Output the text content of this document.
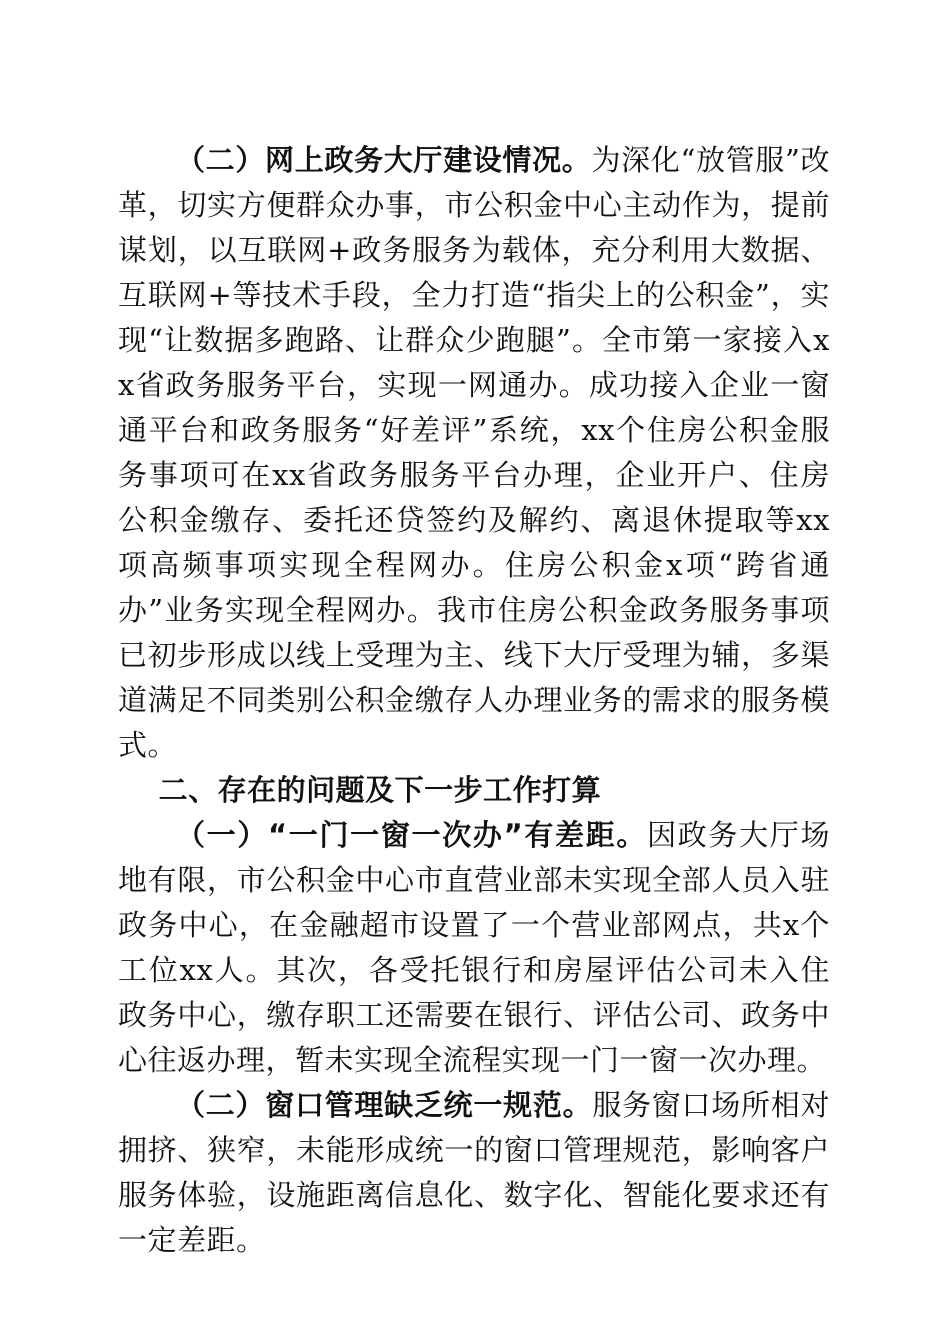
（二）网上政务大厅建设情况。为深化“放管服”改革，切实方便群众办事，市公积金中心主动作为，提前谋划，以互联网+政务服务为载体，充分利用大数据、互联网+等技术手段，全力打造“指尖上的公积金”，实现“让数据多跑路、让群众少跑腿”。全市第一家接入xx省政务服务平台，实现一网通办。成功接入企业一窗通平台和政务服务“好差评”系统，xx个住房公积金服务事项可在xx省政务服务平台办理，企业开户、住房公积金缴存、委托还贷签约及解约、离退休提取等xx项高频事项实现全程网办。住房公积金x项“跨省通办”业务实现全程网办。我市住房公积金政务服务事项已初步形成以线上受理为主、线下大厅受理为辅，多渠道满足不同类别公积金缴存人办理业务的需求的服务模式。

二、存在的问题及下一步工作打算

（一）“一门一窗一次办”有差距。因政务大厅场地有限，市公积金中心市直营业部未实现全部人员入驻政务中心，在金融超市设置了一个营业部网点，共x个工位xx人。其次，各受托银行和房屋评估公司未入住政务中心，缴存职工还需要在银行、评估公司、政务中心往返办理，暂未实现全流程实现一门一窗一次办理。

（二）窗口管理缺乏统一规范。服务窗口场所相对拥挤、狭窄，未能形成统一的窗口管理规范，影响客户服务体验，设施距离信息化、数字化、智能化要求还有一定差距。
